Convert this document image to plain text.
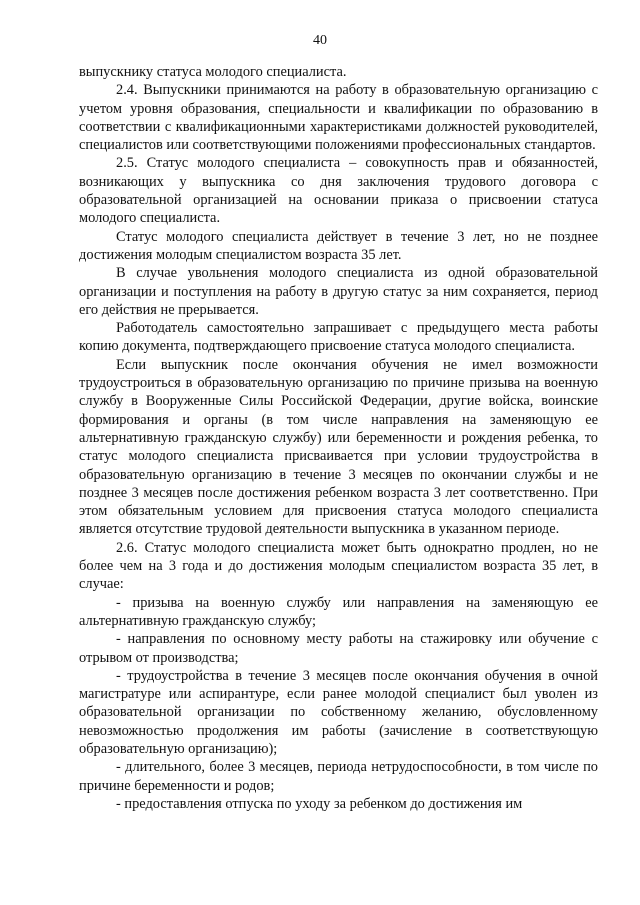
40

выпускнику статуса молодого специалиста.

2.4. Выпускники принимаются на работу в образовательную организацию с учетом уровня образования, специальности и квалификации по образованию в соответствии с квалификационными характеристиками должностей руководителей, специалистов или соответствующими положениями профессиональных стандартов.

2.5. Статус молодого специалиста – совокупность прав и обязанностей, возникающих у выпускника со дня заключения трудового договора с образовательной организацией на основании приказа о присвоении статуса молодого специалиста.

Статус молодого специалиста действует в течение 3 лет, но не позднее достижения молодым специалистом возраста 35 лет.

В случае увольнения молодого специалиста из одной образовательной организации и поступления на работу в другую статус за ним сохраняется, период его действия не прерывается.

Работодатель самостоятельно запрашивает с предыдущего места работы копию документа, подтверждающего присвоение статуса молодого специалиста.

Если выпускник после окончания обучения не имел возможности трудоустроиться в образовательную организацию по причине призыва на военную службу в Вооруженные Силы Российской Федерации, другие войска, воинские формирования и органы (в том числе направления на заменяющую ее альтернативную гражданскую службу) или беременности и рождения ребенка, то статус молодого специалиста присваивается при условии трудоустройства в образовательную организацию в течение 3 месяцев по окончании службы и не позднее 3 месяцев после достижения ребенком возраста 3 лет соответственно. При этом обязательным условием для присвоения статуса молодого специалиста является отсутствие трудовой деятельности выпускника в указанном периоде.

2.6. Статус молодого специалиста может быть однократно продлен, но не более чем на 3 года и до достижения молодым специалистом возраста 35 лет, в случае:

- призыва на военную службу или направления на заменяющую ее альтернативную гражданскую службу;

- направления по основному месту работы на стажировку или обучение с отрывом от производства;

- трудоустройства в течение 3 месяцев после окончания обучения в очной магистратуре или аспирантуре, если ранее молодой специалист был уволен из образовательной организации по собственному желанию, обусловленному невозможностью продолжения им работы (зачисление в соответствующую образовательную организацию);

- длительного, более 3 месяцев, периода нетрудоспособности, в том числе по причине беременности и родов;

- предоставления отпуска по уходу за ребенком до достижения им
